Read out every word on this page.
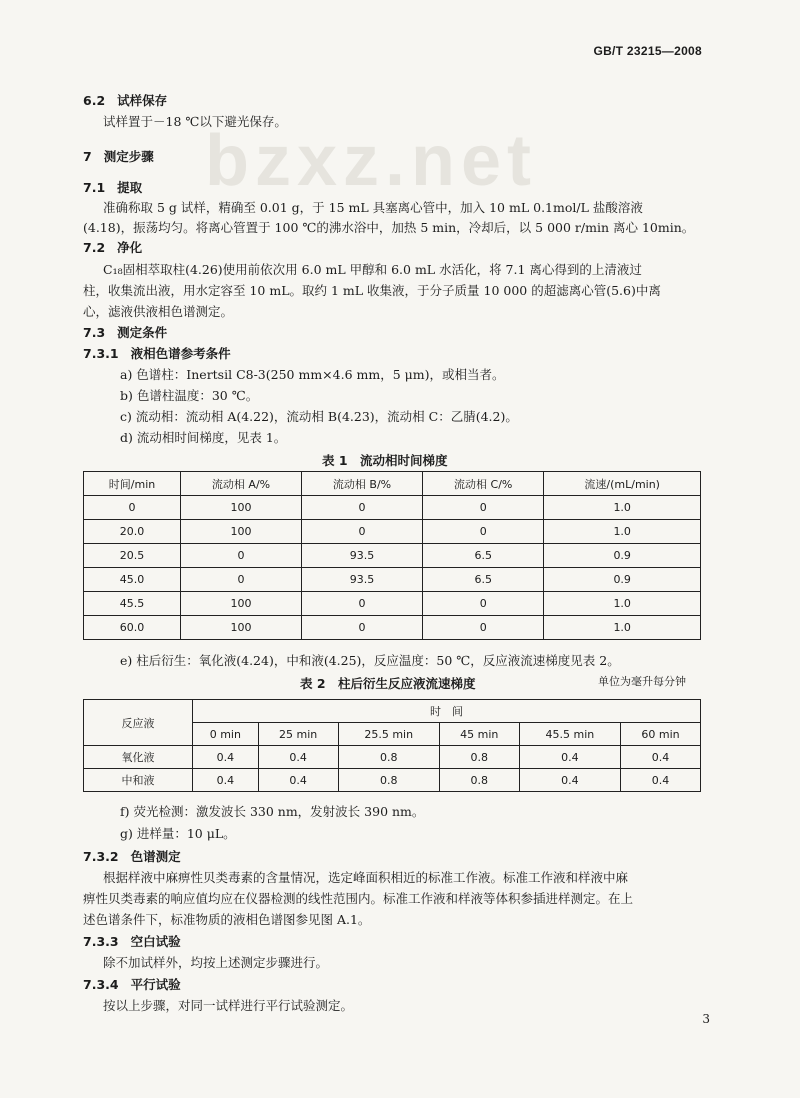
bzxz.net
GB/T 23215—2008
6.2 试样保存
试样置于－18 ℃以下避光保存。
7 测定步骤
7.1 提取
准确称取 5 g 试样，精确至 0.01 g，于 15 mL 具塞离心管中，加入 10 mL 0.1mol/L 盐酸溶液
(4.18)，振荡均匀。将离心管置于 100 ℃的沸水浴中，加热 5 min，冷却后，以 5 000 r/min 离心 10min。
7.2 净化
C₁₈固相萃取柱(4.26)使用前依次用 6.0 mL 甲醇和 6.0 mL 水活化，将 7.1 离心得到的上清液过
柱，收集流出液，用水定容至 10 mL。取约 1 mL 收集液，于分子质量 10 000 的超滤离心管(5.6)中离
心，滤液供液相色谱测定。
7.3 测定条件
7.3.1 液相色谱参考条件
a) 色谱柱：Inertsil C8-3(250 mm×4.6 mm，5 μm)，或相当者。
b) 色谱柱温度：30 ℃。
c) 流动相：流动相 A(4.22)，流动相 B(4.23)，流动相 C：乙腈(4.2)。
d) 流动相时间梯度，见表 1。
表 1　流动相时间梯度
时间/min	流动相 A/%	流动相 B/%	流动相 C/%	流速/(mL/min)
0	100	0	0	1.0
20.0	100	0	0	1.0
20.5	0	93.5	6.5	0.9
45.0	0	93.5	6.5	0.9
45.5	100	0	0	1.0
60.0	100	0	0	1.0
e) 柱后衍生：氧化液(4.24)，中和液(4.25)，反应温度：50 ℃，反应液流速梯度见表 2。
表 2　柱后衍生反应液流速梯度	单位为毫升每分钟
反应液	时　间					
	0 min	25 min	25.5 min	45 min	45.5 min	60 min
氧化液	0.4	0.4	0.8	0.8	0.4	0.4
中和液	0.4	0.4	0.8	0.8	0.4	0.4
f) 荧光检测：激发波长 330 nm，发射波长 390 nm。
g) 进样量：10 μL。
7.3.2 色谱测定
根据样液中麻痹性贝类毒素的含量情况，选定峰面积相近的标准工作液。标准工作液和样液中麻
痹性贝类毒素的响应值均应在仪器检测的线性范围内。标准工作液和样液等体积参插进样测定。在上
述色谱条件下，标准物质的液相色谱图参见图 A.1。
7.3.3 空白试验
除不加试样外，均按上述测定步骤进行。
7.3.4 平行试验
按以上步骤，对同一试样进行平行试验测定。
3
